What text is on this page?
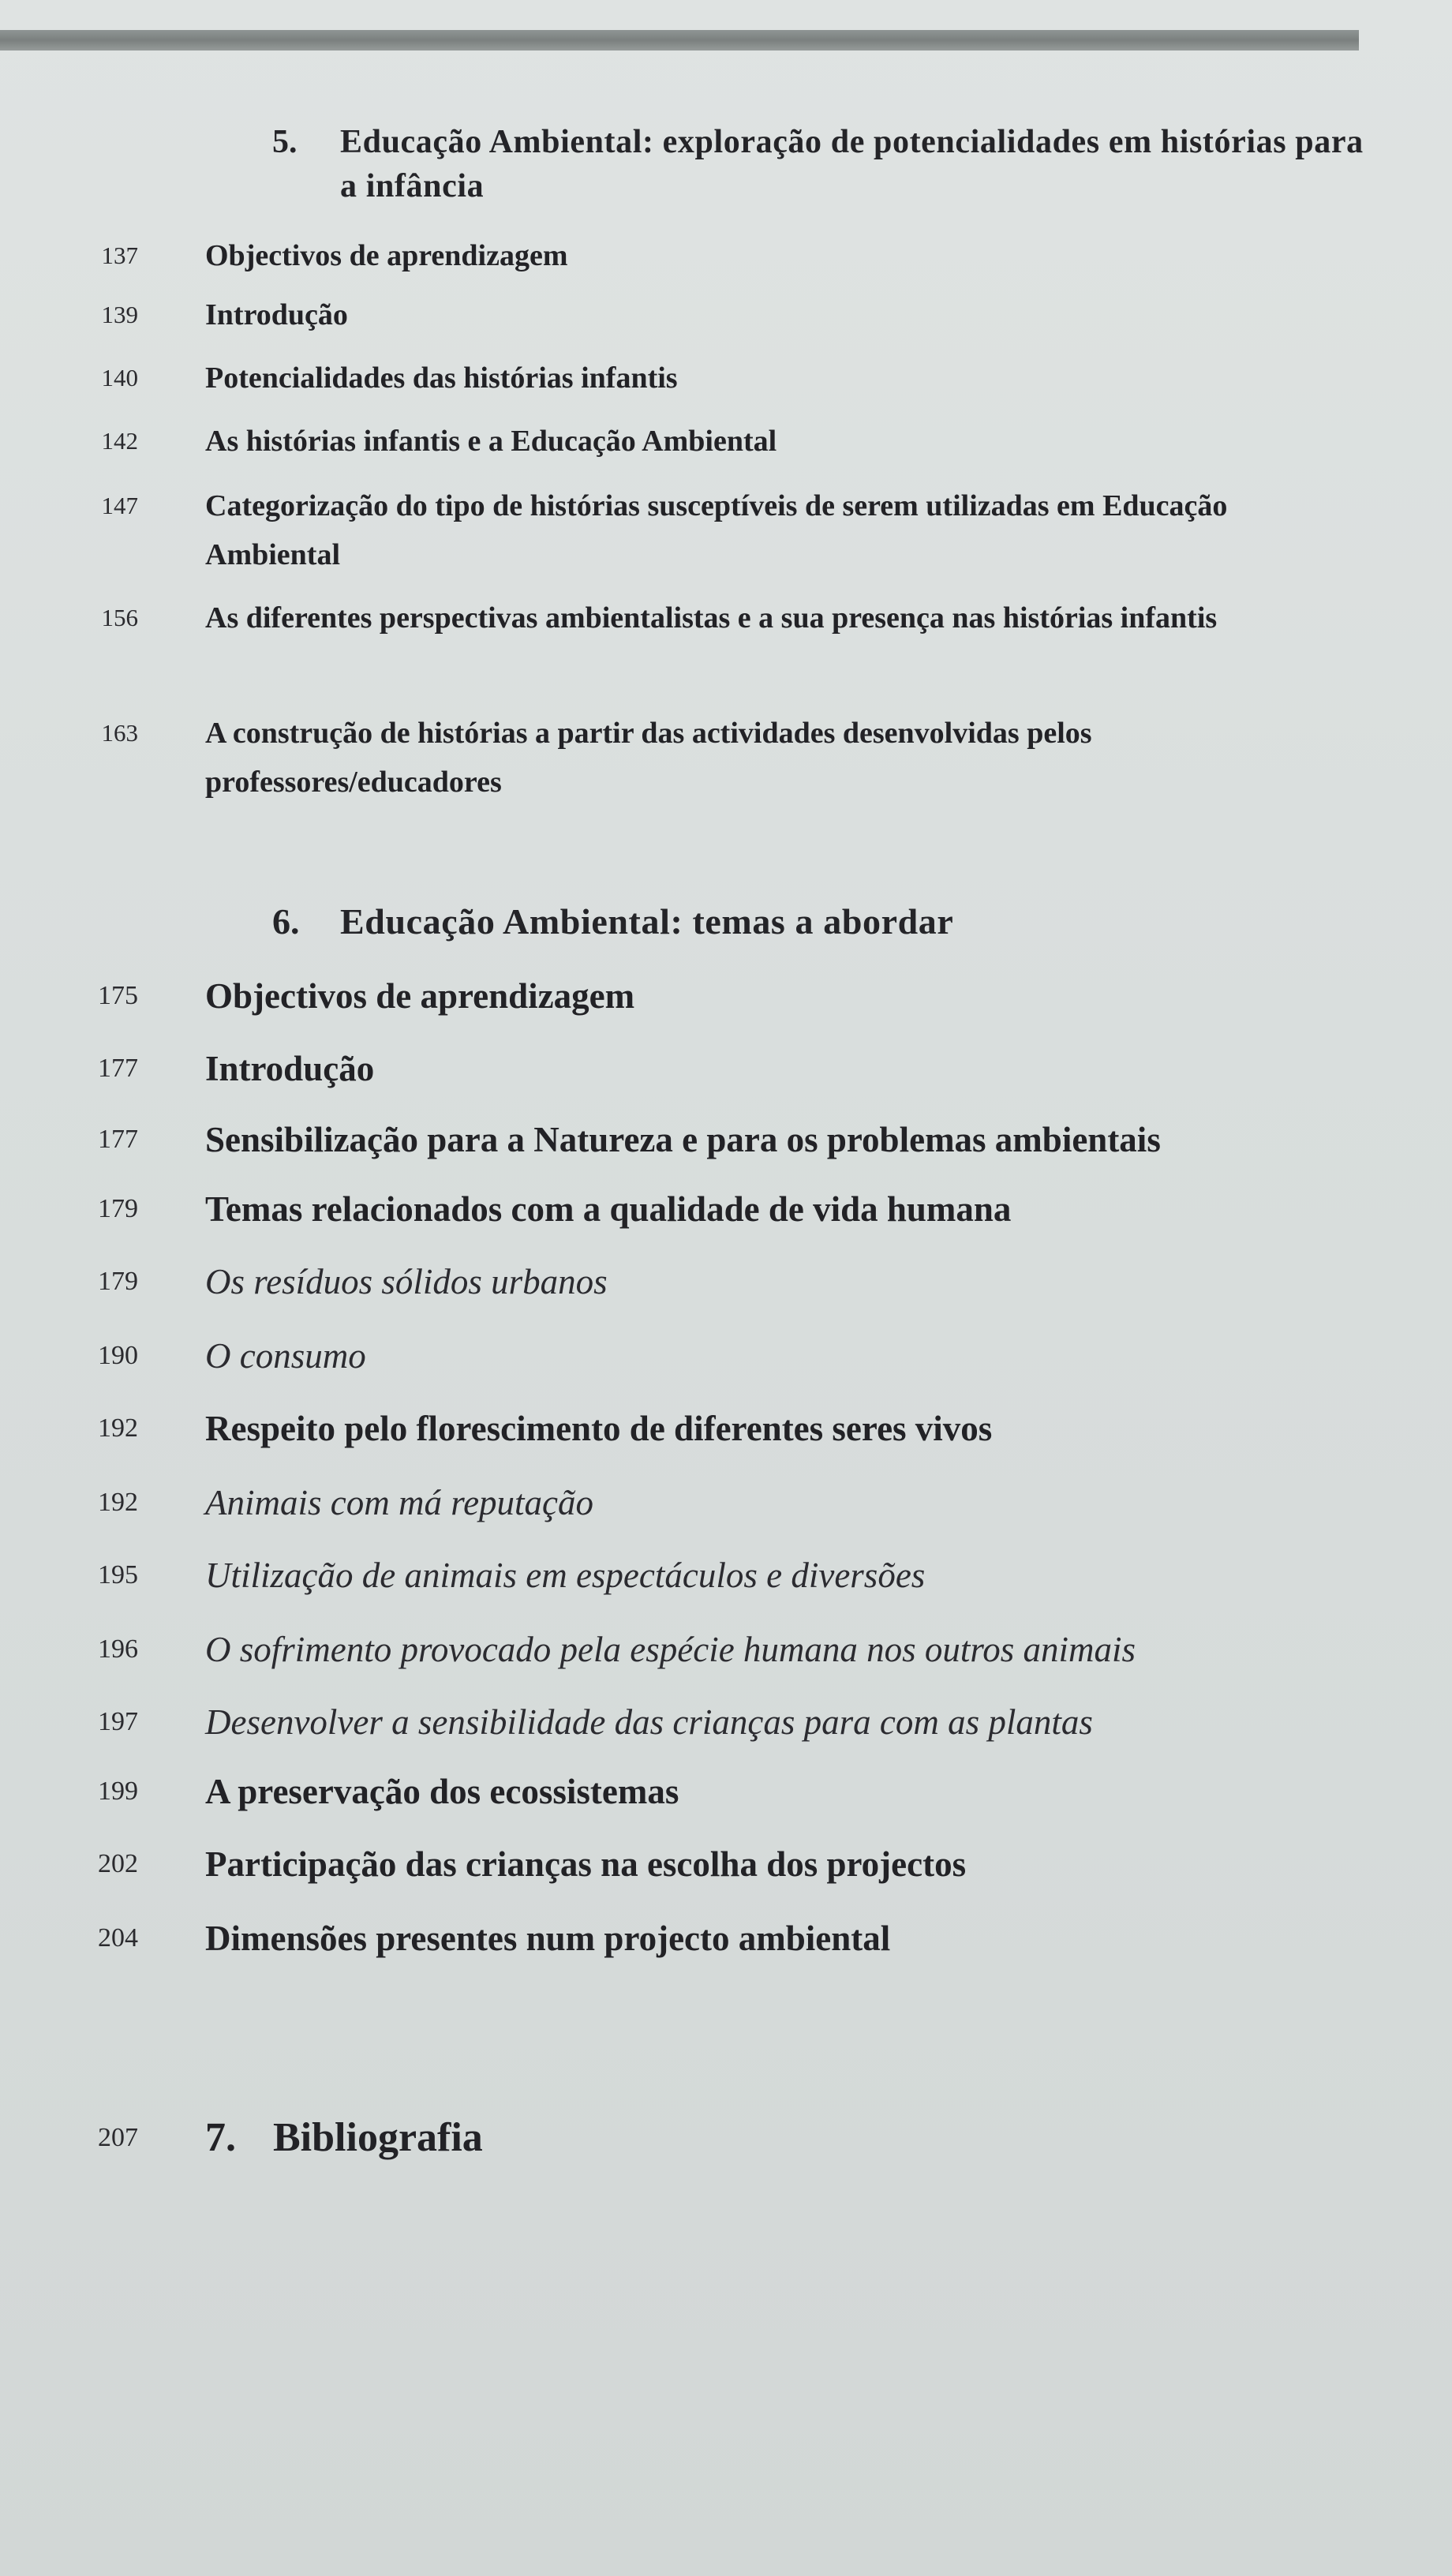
5.	Educação Ambiental: exploração de potencialidades em histórias para a infância
137	Objectivos de aprendizagem
139	Introdução
140	Potencialidades das histórias infantis
142	As histórias infantis e a Educação Ambiental
147	Categorização do tipo de histórias susceptíveis de serem utilizadas em Educação Ambiental
156	As diferentes perspectivas ambientalistas e a sua presença nas histórias infantis
163	A construção de histórias a partir das actividades desenvolvidas pelos professores/educadores
6.	Educação Ambiental: temas a abordar
175	Objectivos de aprendizagem
177	Introdução
177	Sensibilização para a Natureza e para os problemas ambientais
179	Temas relacionados com a qualidade de vida humana
179	Os resíduos sólidos urbanos
190	O consumo
192	Respeito pelo florescimento de diferentes seres vivos
192	Animais com má reputação
195	Utilização de animais em espectáculos e diversões
196	O sofrimento provocado pela espécie humana nos outros animais
197	Desenvolver a sensibilidade das crianças para com as plantas
199	A preservação dos ecossistemas
202	Participação das crianças na escolha dos projectos
204	Dimensões presentes num projecto ambiental
207	7. Bibliografia
